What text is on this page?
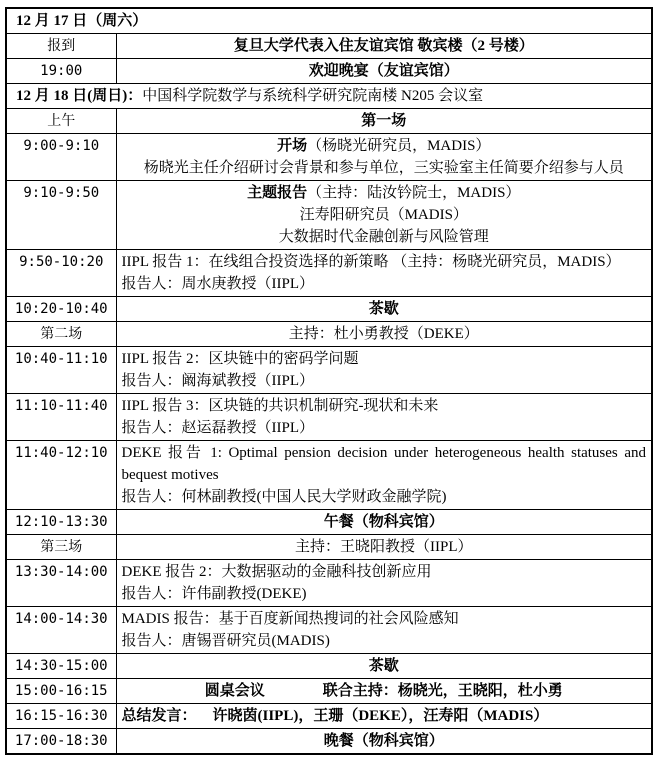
12 月 17 日（周六）	
报到	复旦大学代表入住友谊宾馆 敬宾楼（2 号楼）
19:00	欢迎晚宴（友谊宾馆）
12 月 18 日(周日)：中国科学院数学与系统科学研究院南楼 N205 会议室	
上午	第一场
9:00-9:10	开场（杨晓光研究员，MADIS）
杨晓光主任介绍研讨会背景和参与单位，三实验室主任简要介绍参与人员

9:10-9:50	主题报告（主持：陆汝钤院士，MADIS）
汪寿阳研究员（MADIS）
大数据时代金融创新与风险管理

9:50-10:20	IIPL 报告 1：在线组合投资选择的新策略 （主持：杨晓光研究员，MADIS）
报告人：周水庚教授（IIPL）

10:20-10:40	茶歇
第二场	主持：杜小勇教授（DEKE）
10:40-11:10	IIPL 报告 2：区块链中的密码学问题
报告人：阚海斌教授（IIPL）

11:10-11:40	IIPL 报告 3：区块链的共识机制研究-现状和未来
报告人：赵运磊教授（IIPL）

11:40-12:10	DEKE 报告 1: Optimal pension decision under heterogeneous health statuses and bequest motives
报告人：何林副教授(中国人民大学财政金融学院)

12:10-13:30	午餐（物科宾馆）
第三场	主持：王晓阳教授（IIPL）
13:30-14:00	DEKE 报告 2：大数据驱动的金融科技创新应用
报告人：许伟副教授(DEKE)

14:00-14:30	MADIS 报告：基于百度新闻热搜词的社会风险感知
报告人：唐锡晋研究员(MADIS)

14:30-15:00	茶歇
15:00-16:15	圆桌会议 联合主持：杨晓光，王晓阳，杜小勇
16:15-16:30	总结发言： 许晓茵(IIPL)，王珊（DEKE），汪寿阳（MADIS）
17:00-18:30	晚餐（物科宾馆）
